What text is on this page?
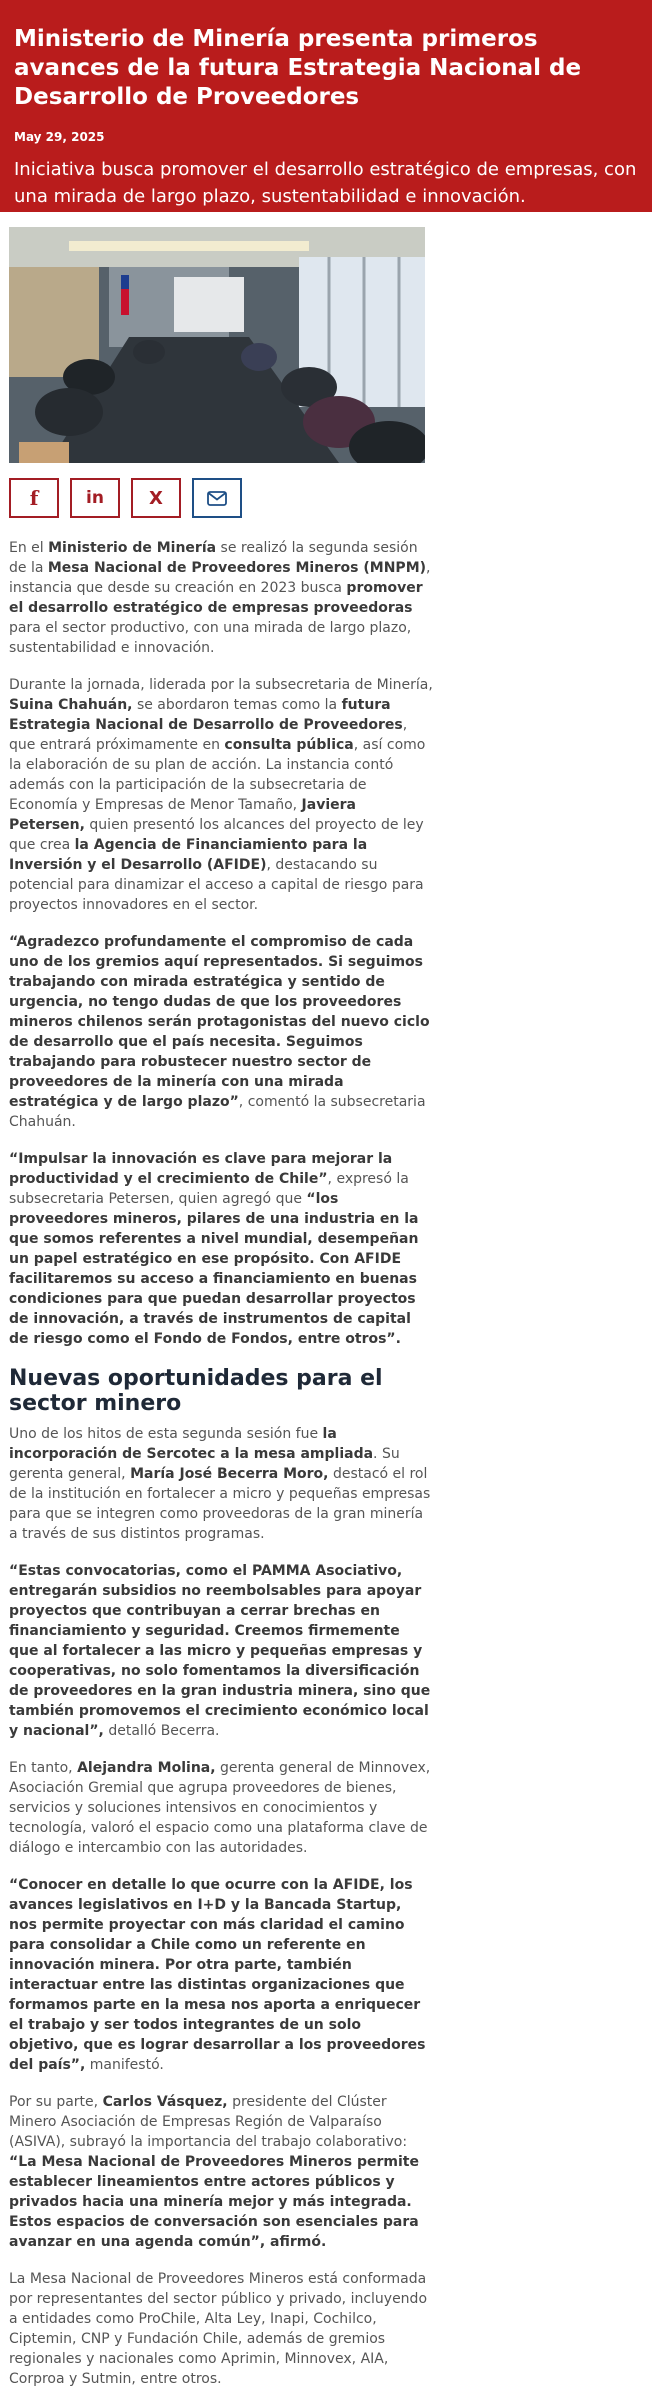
Ministerio de Minería presenta primeros avances de la futura Estrategia Nacional de Desarrollo de Proveedores
May 29, 2025
Iniciativa busca promover el desarrollo estratégico de empresas, con una mirada de largo plazo, sustentabilidad e innovación.
f	in	X

En el Ministerio de Minería se realizó la segunda sesión de la Mesa Nacional de Proveedores Mineros (MNPM), instancia que desde su creación en 2023 busca promover el desarrollo estratégico de empresas proveedoras para el sector productivo, con una mirada de largo plazo, sustentabilidad e innovación.

Durante la jornada, liderada por la subsecretaria de Minería, Suina Chahuán, se abordaron temas como la futura Estrategia Nacional de Desarrollo de Proveedores, que entrará próximamente en consulta pública, así como la elaboración de su plan de acción. La instancia contó además con la participación de la subsecretaria de Economía y Empresas de Menor Tamaño, Javiera Petersen, quien presentó los alcances del proyecto de ley que crea la Agencia de Financiamiento para la Inversión y el Desarrollo (AFIDE), destacando su potencial para dinamizar el acceso a capital de riesgo para proyectos innovadores en el sector.

“Agradezco profundamente el compromiso de cada uno de los gremios aquí representados. Si seguimos trabajando con mirada estratégica y sentido de urgencia, no tengo dudas de que los proveedores mineros chilenos serán protagonistas del nuevo ciclo de desarrollo que el país necesita. Seguimos trabajando para robustecer nuestro sector de proveedores de la minería con una mirada estratégica y de largo plazo”, comentó la subsecretaria Chahuán.

“Impulsar la innovación es clave para mejorar la productividad y el crecimiento de Chile”, expresó la subsecretaria Petersen, quien agregó que “los proveedores mineros, pilares de una industria en la que somos referentes a nivel mundial, desempeñan un papel estratégico en ese propósito. Con AFIDE facilitaremos su acceso a financiamiento en buenas condiciones para que puedan desarrollar proyectos de innovación, a través de instrumentos de capital de riesgo como el Fondo de Fondos, entre otros”.

Nuevas oportunidades para el sector minero

Uno de los hitos de esta segunda sesión fue la incorporación de Sercotec a la mesa ampliada. Su gerenta general, María José Becerra Moro, destacó el rol de la institución en fortalecer a micro y pequeñas empresas para que se integren como proveedoras de la gran minería a través de sus distintos programas.

“Estas convocatorias, como el PAMMA Asociativo, entregarán subsidios no reembolsables para apoyar proyectos que contribuyan a cerrar brechas en financiamiento y seguridad. Creemos firmemente que al fortalecer a las micro y pequeñas empresas y cooperativas, no solo fomentamos la diversificación de proveedores en la gran industria minera, sino que también promovemos el crecimiento económico local y nacional”, detalló Becerra.

En tanto, Alejandra Molina, gerenta general de Minnovex, Asociación Gremial que agrupa proveedores de bienes, servicios y soluciones intensivos en conocimientos y tecnología, valoró el espacio como una plataforma clave de diálogo e intercambio con las autoridades.

“Conocer en detalle lo que ocurre con la AFIDE, los avances legislativos en I+D y la Bancada Startup, nos permite proyectar con más claridad el camino para consolidar a Chile como un referente en innovación minera. Por otra parte, también interactuar entre las distintas organizaciones que formamos parte en la mesa nos aporta a enriquecer el trabajo y ser todos integrantes de un solo objetivo, que es lograr desarrollar a los proveedores del país”, manifestó.

Por su parte, Carlos Vásquez, presidente del Clúster Minero Asociación de Empresas Región de Valparaíso (ASIVA), subrayó la importancia del trabajo colaborativo: “La Mesa Nacional de Proveedores Mineros permite establecer lineamientos entre actores públicos y privados hacia una minería mejor y más integrada. Estos espacios de conversación son esenciales para avanzar en una agenda común”, afirmó.

La Mesa Nacional de Proveedores Mineros está conformada por representantes del sector público y privado, incluyendo a entidades como ProChile, Alta Ley, Inapi, Cochilco, Ciptemin, CNP y Fundación Chile, además de gremios regionales y nacionales como Aprimin, Minnovex, AIA, Corproa y Sutmin, entre otros.
